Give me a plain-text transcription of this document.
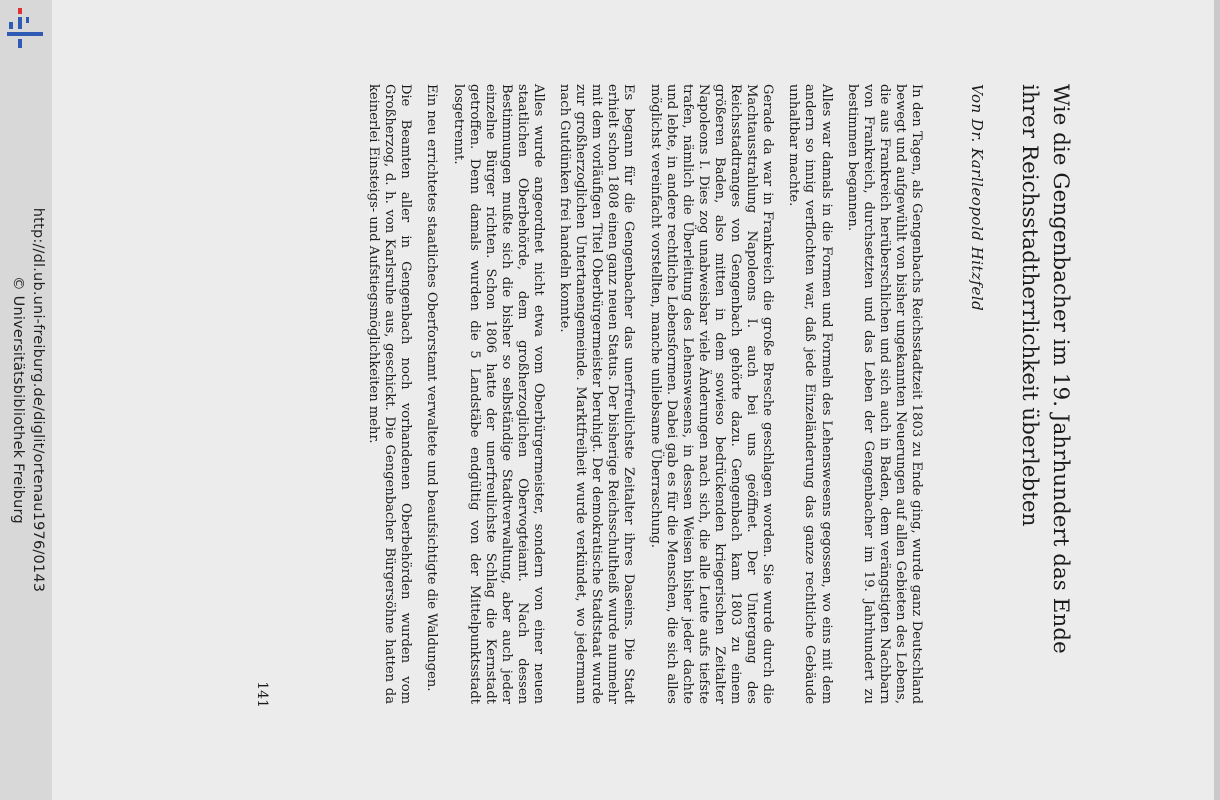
http://dl.ub.uni-freiburg.de/diglit/ortenau1976/0143
© Universitätsbibliothek Freiburg	Wie die Gengenbacher im 19. Jahrhundert das Ende
ihrer Reichsstadtherrlichkeit überlebten
Von Dr. Karlleopold Hitzfeld

In den Tagen, als Gengenbachs Reichsstadtzeit 1803 zu Ende ging, wurde ganz Deutschland bewegt und aufgewühlt von bisher ungekannten Neuerungen auf allen Gebieten des Lebens, die aus Frankreich herüberschlichen und sich auch in Baden, dem verängstigten Nachbarn von Frankreich, durchsetzten und das Leben der Gengenbacher im 19. Jahrhundert zu bestimmen begannen.

Alles war damals in die Formen und Formeln des Lehenswesens gegossen, wo eins mit dem andern so innig verflochten war, daß jede Einzeländerung das ganze rechtliche Gebäude unhaltbar machte.

Gerade da war in Frankreich die große Bresche geschlagen worden. Sie wurde durch die Machtausstrahlung Napoleons I. auch bei uns geöffnet. Der Untergang des Reichsstadtranges von Gengenbach gehörte dazu. Gengenbach kam 1803 zu einem größeren Baden, also mitten in dem sowieso bedrückenden kriegerischen Zeitalter Napoleons I. Dies zog unabweisbar viele Änderungen nach sich, die alle Leute aufs tiefste trafen, nämlich die Überleitung des Lehenswesens, in dessen Weisen bisher jeder dachte und lebte, in andere rechtliche Lebensformen. Dabei gab es für die Menschen, die sich alles möglichst vereinfacht vorstellten, manche unliebsame Überraschung.

Es begann für die Gengenbacher das unerfreulichste Zeitalter ihres Daseins. Die Stadt erhielt schon 1808 einen ganz neuen Status. Der bisherige Reichsschultheiß wurde nunmehr mit dem vorläufigen Titel Oberbürgermeister beruhigt. Der demokratische Stadtstaat wurde zur großherzoglichen Untertanengemeinde. Marktfreiheit wurde verkündet, wo jedermann nach Gutdünken frei handeln konnte.

Alles wurde angeordnet nicht etwa vom Oberbürgermeister, sondern von einer neuen staatlichen Oberbehörde, dem großherzoglichen Obervogteiamt. Nach dessen Bestimmungen mußte sich die bisher so selbständige Stadtverwaltung, aber auch jeder einzelne Bürger richten. Schon 1806 hatte der unerfreulichste Schlag die Kernstadt getroffen. Denn damals wurden die 5 Landstäbe endgültig von der Mittelpunktsstadt losgetrennt.

Ein neu errichtetes staatliches Oberforstamt verwaltete und beaufsichtigte die Waldungen.

Die Beamten aller in Gengenbach noch vorhandenen Oberbehörden wurden vom Großherzog, d. h. von Karlsruhe aus, geschickt. Die Gengenbacher Bürgersöhne hatten da keinerlei Einsteigs- und Aufstiegsmöglichkeiten mehr.

141
